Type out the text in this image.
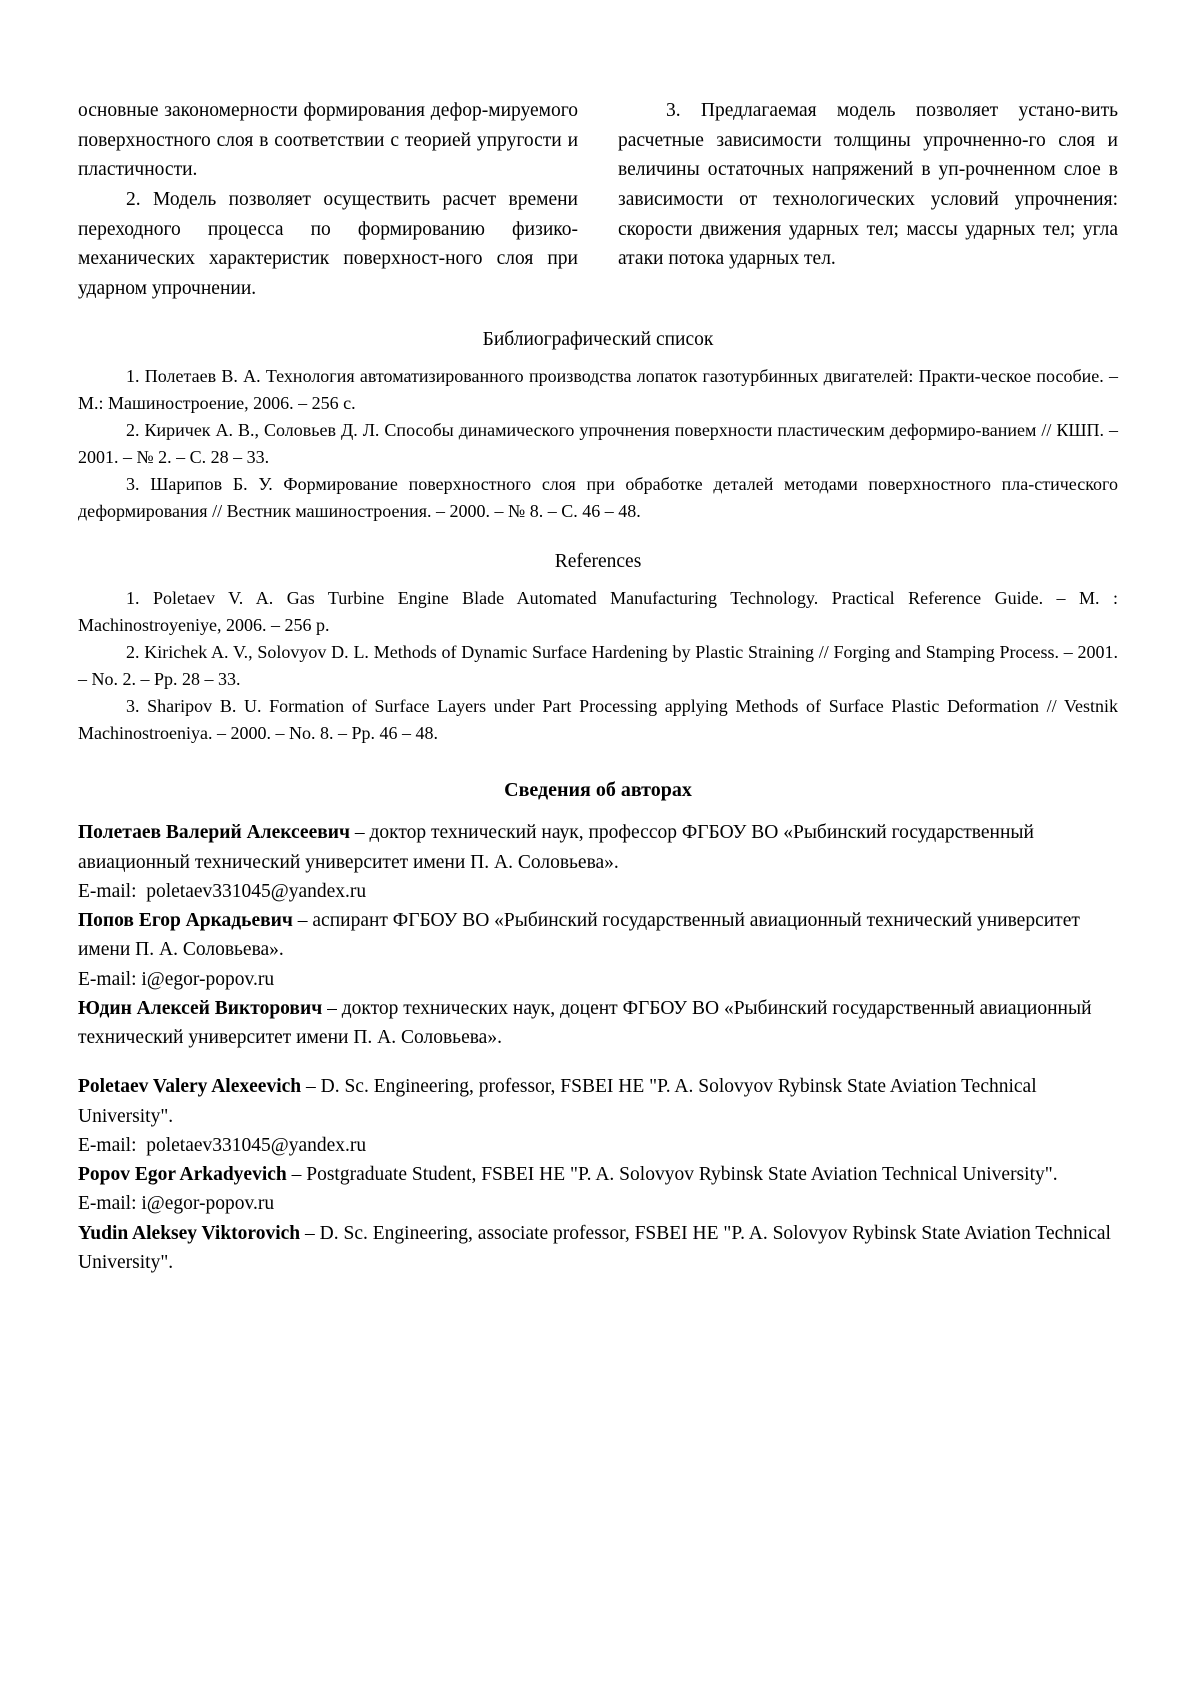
основные закономерности формирования дефор-мируемого поверхностного слоя в соответствии с теорией упругости и пластичности.

2. Модель позволяет осуществить расчет времени переходного процесса по формированию физико-механических характеристик поверхност-ного слоя при ударном упрочнении.

3. Предлагаемая модель позволяет устано-вить расчетные зависимости толщины упрочненно-го слоя и величины остаточных напряжений в уп-рочненном слое в зависимости от технологических условий упрочнения: скорости движения ударных тел; массы ударных тел; угла атаки потока ударных тел.

Библиографический список

1. Полетаев В. А. Технология автоматизированного производства лопаток газотурбинных двигателей: Практи-ческое пособие. – М.: Машиностроение, 2006. – 256 с.

2. Киричек А. В., Соловьев Д. Л. Способы динамического упрочнения поверхности пластическим деформиро-ванием // КШП. – 2001. – № 2. – С. 28 – 33.

3. Шарипов Б. У. Формирование поверхностного слоя при обработке деталей методами поверхностного пла-стического деформирования // Вестник машиностроения. – 2000. – № 8. – С. 46 – 48.

References

1. Poletaev V. A. Gas Turbine Engine Blade Automated Manufacturing Technology. Practical Reference Guide. – M. : Machinostroyeniye, 2006. – 256 p.

2. Kirichek A. V., Solovyov D. L. Methods of Dynamic Surface Hardening by Plastic Straining // Forging and Stamping Process. – 2001. – No. 2. – Pp. 28 – 33.

3. Sharipov B. U. Formation of Surface Layers under Part Processing applying Methods of Surface Plastic Deformation // Vestnik Machinostroeniya. – 2000. – No. 8. – Pp. 46 – 48.

Сведения об авторах

Полетаев Валерий Алексеевич – доктор технический наук, профессор ФГБОУ ВО «Рыбинский государственный авиационный технический университет имени П. А. Соловьева».

E-mail: poletaev331045@yandex.ru

Попов Егор Аркадьевич – аспирант ФГБОУ ВО «Рыбинский государственный авиационный технический университет имени П. А. Соловьева».

E-mail: i@egor-popov.ru

Юдин Алексей Викторович – доктор технических наук, доцент ФГБОУ ВО «Рыбинский государственный авиационный технический университет имени П. А. Соловьева».

Poletaev Valery Alexeevich – D. Sc. Engineering, professor, FSBEI HE "P. A. Solovyov Rybinsk State Aviation Technical University".

E-mail: poletaev331045@yandex.ru

Popov Egor Arkadyevich – Postgraduate Student, FSBEI HE "P. A. Solovyov Rybinsk State Aviation Technical University".

E-mail: i@egor-popov.ru

Yudin Aleksey Viktorovich – D. Sc. Engineering, associate professor, FSBEI HE "P. A. Solovyov Rybinsk State Aviation Technical University".
